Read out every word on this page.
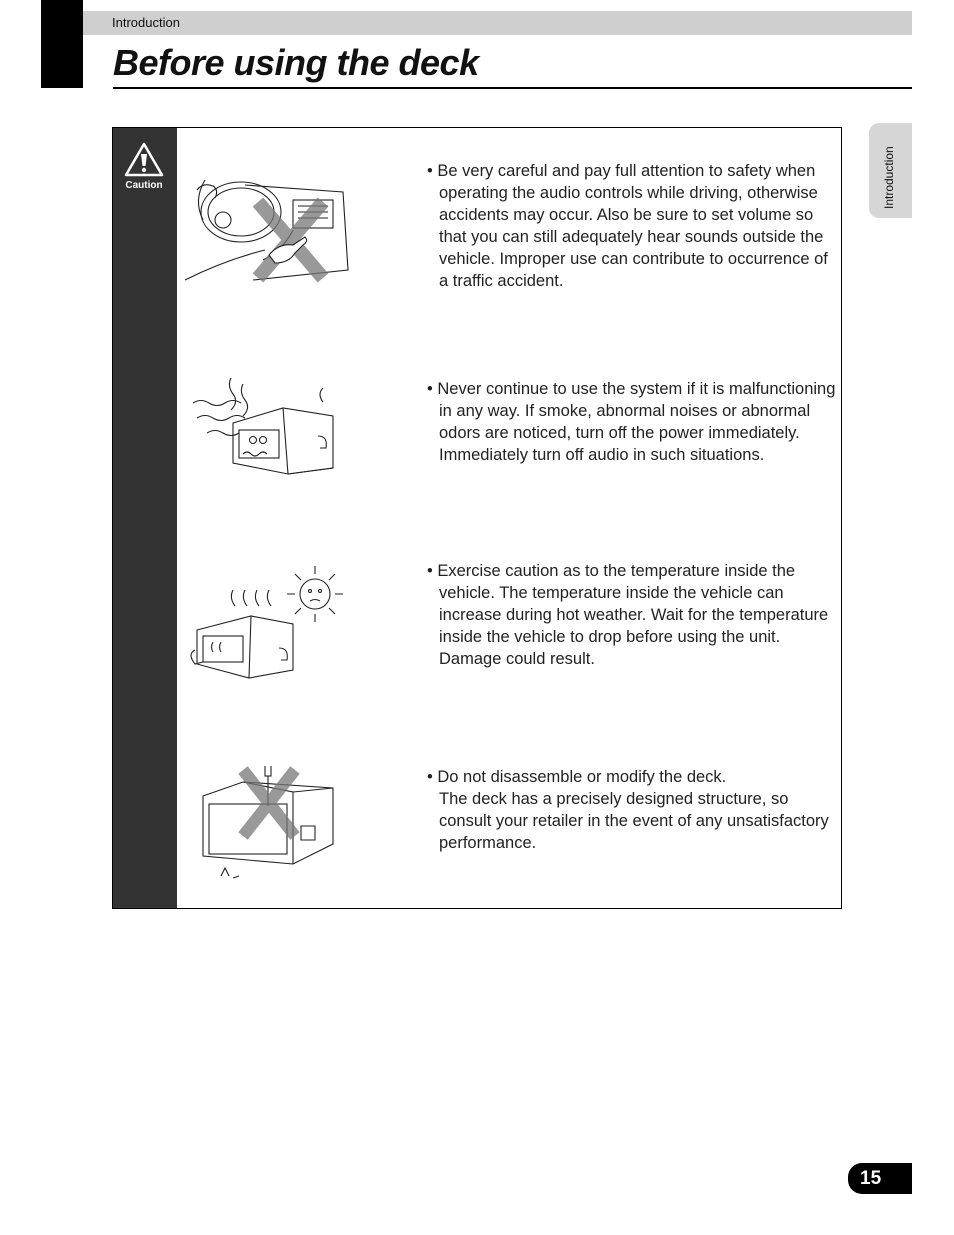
Introduction
Before using the deck
Introduction
Caution

• Be very careful and pay full attention to safety when operating the audio controls while driving, otherwise accidents may occur. Also be sure to set volume so that you can still adequately hear sounds outside the vehicle. Improper use can contribute to occurrence of a traffic accident.

• Never continue to use the system if it is malfunctioning in any way. If smoke, abnormal noises or abnormal odors are noticed, turn off the power immediately.

Immediately turn off audio in such situations.

• Exercise caution as to the temperature inside the vehicle. The temperature inside the vehicle can increase during hot weather. Wait for the temperature inside the vehicle to drop before using the unit.

Damage could result.

• Do not disassemble or modify the deck.

The deck has a precisely designed structure, so consult your retailer in the event of any unsatisfactory performance.

15
